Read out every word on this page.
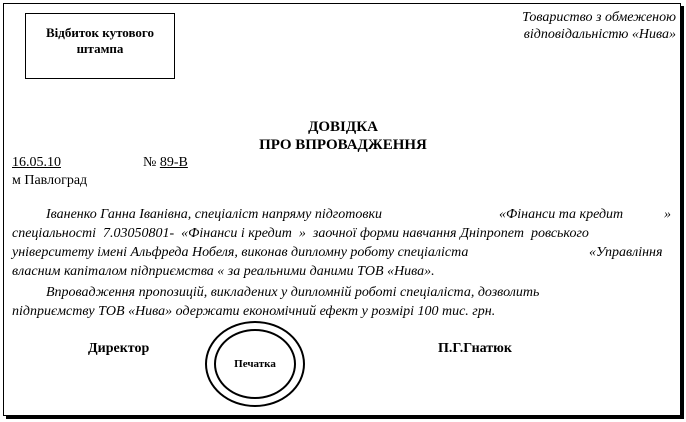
Відбиток кутового штампа
Товариство з обмеженою
відповідальністю «Нива»
ДОВІДКА
ПРО ВПРОВАДЖЕННЯ
16.05.10	№ 89-В
м Павлоград
Іваненко Ганна Іванівна, спеціаліст напряму підготовки	«Фінанси та кредит	»
спеціальності  7.03050801-  «Фінанси і кредит  »  заочної форми навчання Дніпропет  ровського
університету імені Альфреда Нобеля, виконав дипломну роботу спеціаліста	«Управління
власним капіталом підприємства « за реальними даними ТОВ «Нива».
Впровадження пропозицій, викладених у дипломній роботі спеціаліста, дозволить
підприємству ТОВ «Нива» одержати економічний ефект у розмірі 100 тис. грн.
Директор
Печатка
П.Г.Гнатюк
